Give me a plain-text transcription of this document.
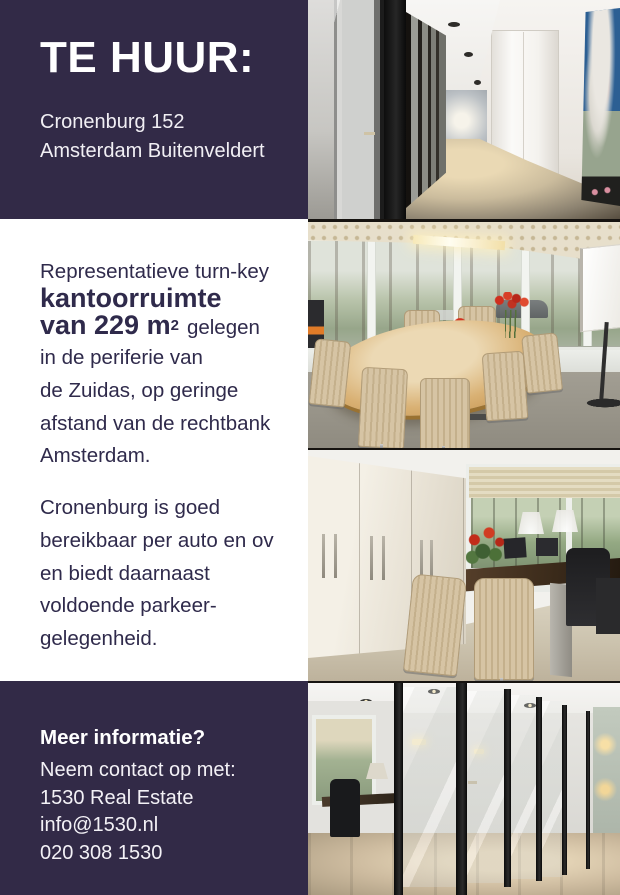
TE HUUR:
Cronenburg 152
Amsterdam Buitenveldert
Representatieve turn-key
kantoorruimte
van 229 m 2 gelegen
in de periferie van
de Zuidas, op geringe
afstand van de rechtbank
Amsterdam.
Cronenburg is goed
bereikbaar per auto en ov
en biedt daarnaast
voldoende parkeer-
gelegenheid.
Meer informatie?
Neem contact op met:
1530 Real Estate
info@1530.nl
020 308 1530
